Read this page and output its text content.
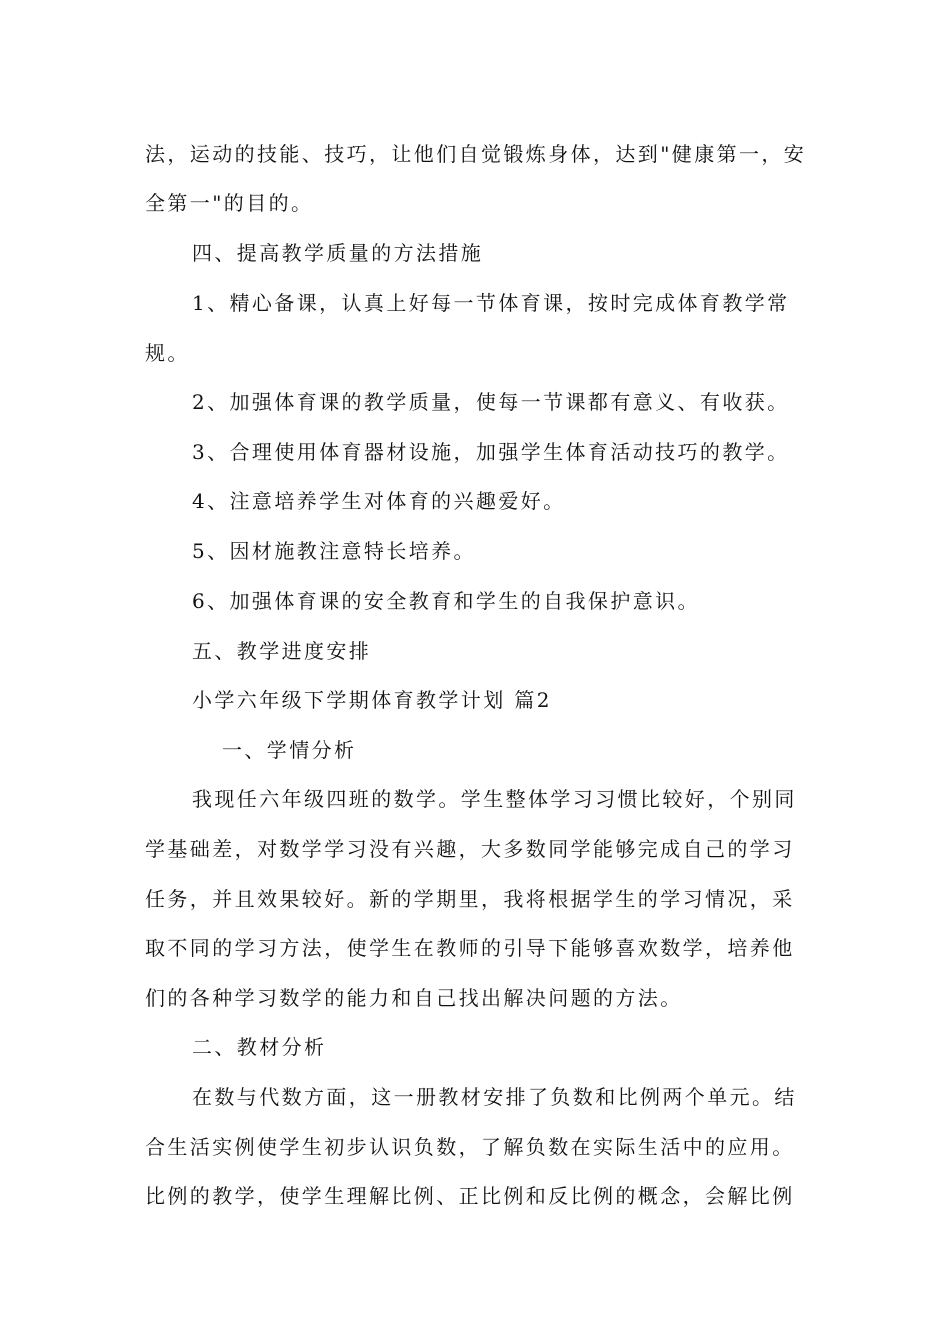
法，运动的技能、技巧，让他们自觉锻炼身体，达到"健康第一，安
全第一"的目的。
四、提高教学质量的方法措施
1、精心备课，认真上好每一节体育课，按时完成体育教学常
规。
2、加强体育课的教学质量，使每一节课都有意义、有收获。
3、合理使用体育器材设施，加强学生体育活动技巧的教学。
4、注意培养学生对体育的兴趣爱好。
5、因材施教注意特长培养。
6、加强体育课的安全教育和学生的自我保护意识。
五、教学进度安排
小学六年级下学期体育教学计划 篇2
一、学情分析
我现任六年级四班的数学。学生整体学习习惯比较好，个别同
学基础差，对数学学习没有兴趣，大多数同学能够完成自己的学习
任务，并且效果较好。新的学期里，我将根据学生的学习情况，采
取不同的学习方法，使学生在教师的引导下能够喜欢数学，培养他
们的各种学习数学的能力和自己找出解决问题的方法。
二、教材分析
在数与代数方面，这一册教材安排了负数和比例两个单元。结
合生活实例使学生初步认识负数，了解负数在实际生活中的应用。
比例的教学，使学生理解比例、正比例和反比例的概念，会解比例
